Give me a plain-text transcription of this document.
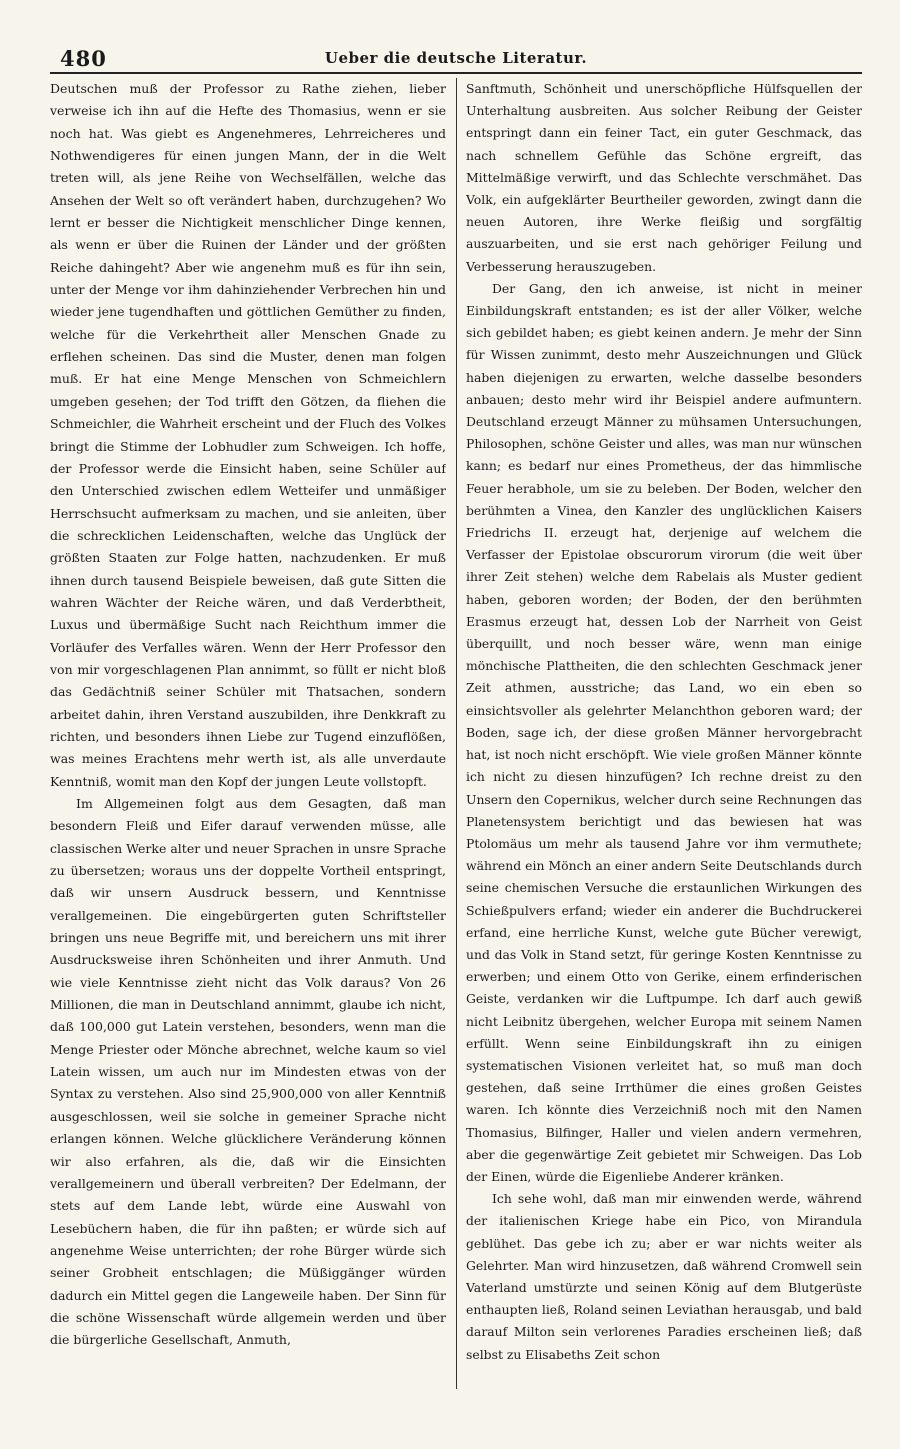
480	Ueber die deutsche Literatur.

Deutschen muß der Professor zu Rathe ziehen, lieber verweise ich ihn auf die Hefte des Thomasius, wenn er sie noch hat. Was giebt es Angenehmeres, Lehrreicheres und Nothwendigeres für einen jungen Mann, der in die Welt treten will, als jene Reihe von Wechselfällen, welche das Ansehen der Welt so oft verändert haben, durchzugehen? Wo lernt er besser die Nichtigkeit menschlicher Dinge kennen, als wenn er über die Ruinen der Länder und der größten Reiche dahingeht? Aber wie angenehm muß es für ihn sein, unter der Menge vor ihm dahinziehender Verbrechen hin und wieder jene tugendhaften und göttlichen Gemüther zu finden, welche für die Verkehrtheit aller Menschen Gnade zu erflehen scheinen. Das sind die Muster, denen man folgen muß. Er hat eine Menge Menschen von Schmeichlern umgeben gesehen; der Tod trifft den Götzen, da fliehen die Schmeichler, die Wahrheit erscheint und der Fluch des Volkes bringt die Stimme der Lobhudler zum Schweigen. Ich hoffe, der Professor werde die Einsicht haben, seine Schüler auf den Unterschied zwischen edlem Wetteifer und unmäßiger Herrschsucht aufmerksam zu machen, und sie anleiten, über die schrecklichen Leidenschaften, welche das Unglück der größten Staaten zur Folge hatten, nachzudenken. Er muß ihnen durch tausend Beispiele beweisen, daß gute Sitten die wahren Wächter der Reiche wären, und daß Verderbtheit, Luxus und übermäßige Sucht nach Reichthum immer die Vorläufer des Verfalles wären. Wenn der Herr Professor den von mir vorgeschlagenen Plan annimmt, so füllt er nicht bloß das Gedächtniß seiner Schüler mit Thatsachen, sondern arbeitet dahin, ihren Verstand auszubilden, ihre Denkkraft zu richten, und besonders ihnen Liebe zur Tugend einzuflößen, was meines Erachtens mehr werth ist, als alle unverdaute Kenntniß, womit man den Kopf der jungen Leute vollstopft.

Im Allgemeinen folgt aus dem Gesagten, daß man besondern Fleiß und Eifer darauf verwenden müsse, alle classischen Werke alter und neuer Sprachen in unsre Sprache zu übersetzen; woraus uns der doppelte Vortheil entspringt, daß wir unsern Ausdruck bessern, und Kenntnisse verallgemeinen. Die eingebürgerten guten Schriftsteller bringen uns neue Begriffe mit, und bereichern uns mit ihrer Ausdrucksweise ihren Schönheiten und ihrer Anmuth. Und wie viele Kenntnisse zieht nicht das Volk daraus? Von 26 Millionen, die man in Deutschland annimmt, glaube ich nicht, daß 100,000 gut Latein verstehen, besonders, wenn man die Menge Priester oder Mönche abrechnet, welche kaum so viel Latein wissen, um auch nur im Mindesten etwas von der Syntax zu verstehen. Also sind 25,900,000 von aller Kenntniß ausgeschlossen, weil sie solche in gemeiner Sprache nicht erlangen können. Welche glücklichere Veränderung können wir also erfahren, als die, daß wir die Einsichten verallgemeinern und überall verbreiten? Der Edelmann, der stets auf dem Lande lebt, würde eine Auswahl von Lesebüchern haben, die für ihn paßten; er würde sich auf angenehme Weise unterrichten; der rohe Bürger würde sich seiner Grobheit entschlagen; die Müßiggänger würden dadurch ein Mittel gegen die Langeweile haben. Der Sinn für die schöne Wissenschaft würde allgemein werden und über die bürgerliche Gesellschaft, Anmuth,

Sanftmuth, Schönheit und unerschöpfliche Hülfsquellen der Unterhaltung ausbreiten. Aus solcher Reibung der Geister entspringt dann ein feiner Tact, ein guter Geschmack, das nach schnellem Gefühle das Schöne ergreift, das Mittelmäßige verwirft, und das Schlechte verschmähet. Das Volk, ein aufgeklärter Beurtheiler geworden, zwingt dann die neuen Autoren, ihre Werke fleißig und sorgfältig auszuarbeiten, und sie erst nach gehöriger Feilung und Verbesserung herauszugeben.

Der Gang, den ich anweise, ist nicht in meiner Einbildungskraft entstanden; es ist der aller Völker, welche sich gebildet haben; es giebt keinen andern. Je mehr der Sinn für Wissen zunimmt, desto mehr Auszeichnungen und Glück haben diejenigen zu erwarten, welche dasselbe besonders anbauen; desto mehr wird ihr Beispiel andere aufmuntern. Deutschland erzeugt Männer zu mühsamen Untersuchungen, Philosophen, schöne Geister und alles, was man nur wünschen kann; es bedarf nur eines Prometheus, der das himmlische Feuer herabhole, um sie zu beleben. Der Boden, welcher den berühmten a Vinea, den Kanzler des unglücklichen Kaisers Friedrichs II. erzeugt hat, derjenige auf welchem die Verfasser der Epistolae obscurorum virorum (die weit über ihrer Zeit stehen) welche dem Rabelais als Muster gedient haben, geboren worden; der Boden, der den berühmten Erasmus erzeugt hat, dessen Lob der Narrheit von Geist überquillt, und noch besser wäre, wenn man einige mönchische Plattheiten, die den schlechten Geschmack jener Zeit athmen, ausstriche; das Land, wo ein eben so einsichtsvoller als gelehrter Melanchthon geboren ward; der Boden, sage ich, der diese großen Männer hervorgebracht hat, ist noch nicht erschöpft. Wie viele großen Männer könnte ich nicht zu diesen hinzufügen? Ich rechne dreist zu den Unsern den Copernikus, welcher durch seine Rechnungen das Planetensystem berichtigt und das bewiesen hat was Ptolomäus um mehr als tausend Jahre vor ihm vermuthete; während ein Mönch an einer andern Seite Deutschlands durch seine chemischen Versuche die erstaunlichen Wirkungen des Schießpulvers erfand; wieder ein anderer die Buchdruckerei erfand, eine herrliche Kunst, welche gute Bücher verewigt, und das Volk in Stand setzt, für geringe Kosten Kenntnisse zu erwerben; und einem Otto von Gerike, einem erfinderischen Geiste, verdanken wir die Luftpumpe. Ich darf auch gewiß nicht Leibnitz übergehen, welcher Europa mit seinem Namen erfüllt. Wenn seine Einbildungskraft ihn zu einigen systematischen Visionen verleitet hat, so muß man doch gestehen, daß seine Irrthümer die eines großen Geistes waren. Ich könnte dies Verzeichniß noch mit den Namen Thomasius, Bilfinger, Haller und vielen andern vermehren, aber die gegenwärtige Zeit gebietet mir Schweigen. Das Lob der Einen, würde die Eigenliebe Anderer kränken.

Ich sehe wohl, daß man mir einwenden werde, während der italienischen Kriege habe ein Pico, von Mirandula geblühet. Das gebe ich zu; aber er war nichts weiter als Gelehrter. Man wird hinzusetzen, daß während Cromwell sein Vaterland umstürzte und seinen König auf dem Blutgerüste enthaupten ließ, Roland seinen Leviathan herausgab, und bald darauf Milton sein verlorenes Paradies erscheinen ließ; daß selbst zu Elisabeths Zeit schon
